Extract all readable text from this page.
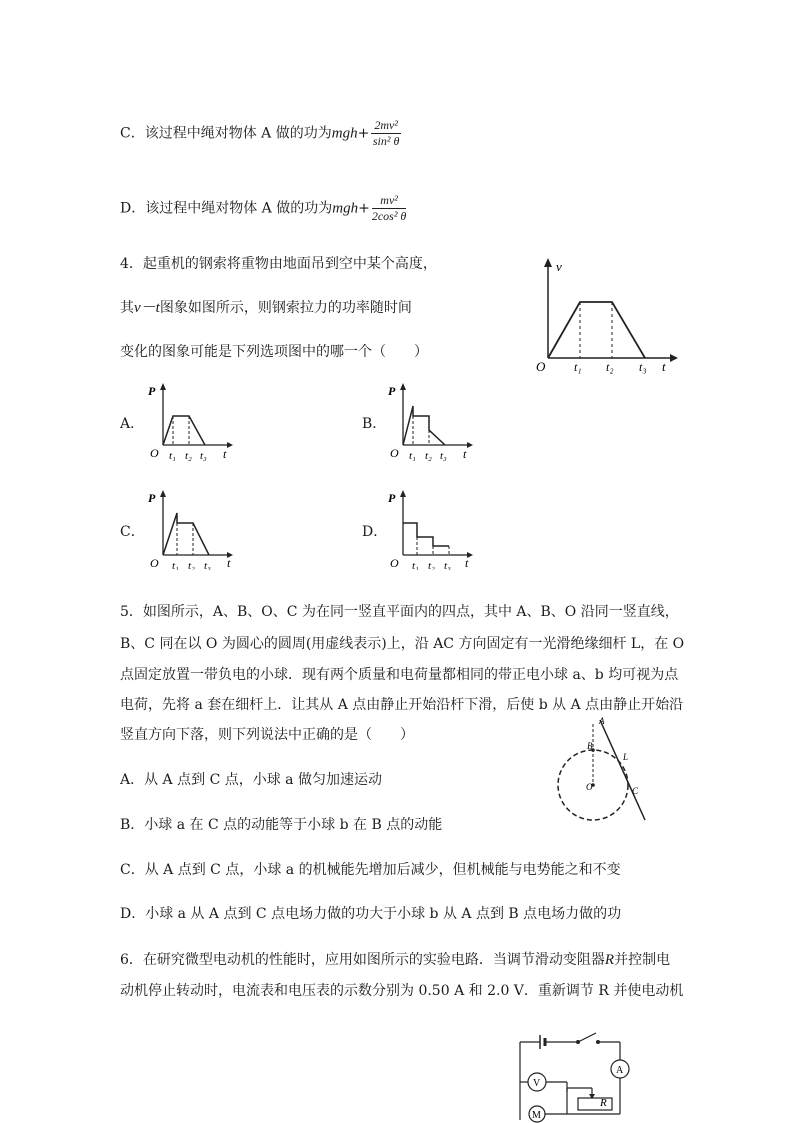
C．该过程中绳对物体 A 做的功为$mgh+ \frac{\text{2mv²}}{\text{sin² θ}}$
D．该过程中绳对物体 A 做的功为$mgh+ \frac{\text{mv²}}{\text{2cos² θ}}$
4．起重机的钢索将重物由地面吊到空中某个高度，
其v－t图象如图所示，则钢索拉力的功率随时间
变化的图象可能是下列选项图中的哪一个（　　）
v
O	t
t₁ t₂ t₃
A．
P
O	t
t₁ t₂ t₃
B．
P
O	t
t₁ t₂ t₃
C．
P
O	t
t₁ t₂ t₃
D．
P
O	t
t₁ t₂ t₃
5．如图所示，A、B、O、C 为在同一竖直平面内的四点，其中 A、B、O 沿同一竖直线，
B、C 同在以 O 为圆心的圆周(用虚线表示)上，沿 AC 方向固定有一光滑绝缘细杆 L，在 O
点固定放置一带负电的小球．现有两个质量和电荷量都相同的带正电小球 a、b 均可视为点
电荷，先将 a 套在细杆上．让其从 A 点由静止开始沿杆下滑，后使 b 从 A 点由静止开始沿
竖直方向下落，则下列说法中正确的是（　　）
A．从 A 点到 C 点，小球 a 做匀加速运动
B．小球 a 在 C 点的动能等于小球 b 在 B 点的动能
C．从 A 点到 C 点，小球 a 的机械能先增加后减少，但机械能与电势能之和不变
D．小球 a 从 A 点到 C 点电场力做的功大于小球 b 从 A 点到 B 点电场力做的功
A
B
O
L
C
6．在研究微型电动机的性能时，应用如图所示的实验电路．当调节滑动变阻器R并控制电
动机停止转动时，电流表和电压表的示数分别为 0.50 A 和 2.0 V．重新调节 R 并使电动机
A
V
M
R
